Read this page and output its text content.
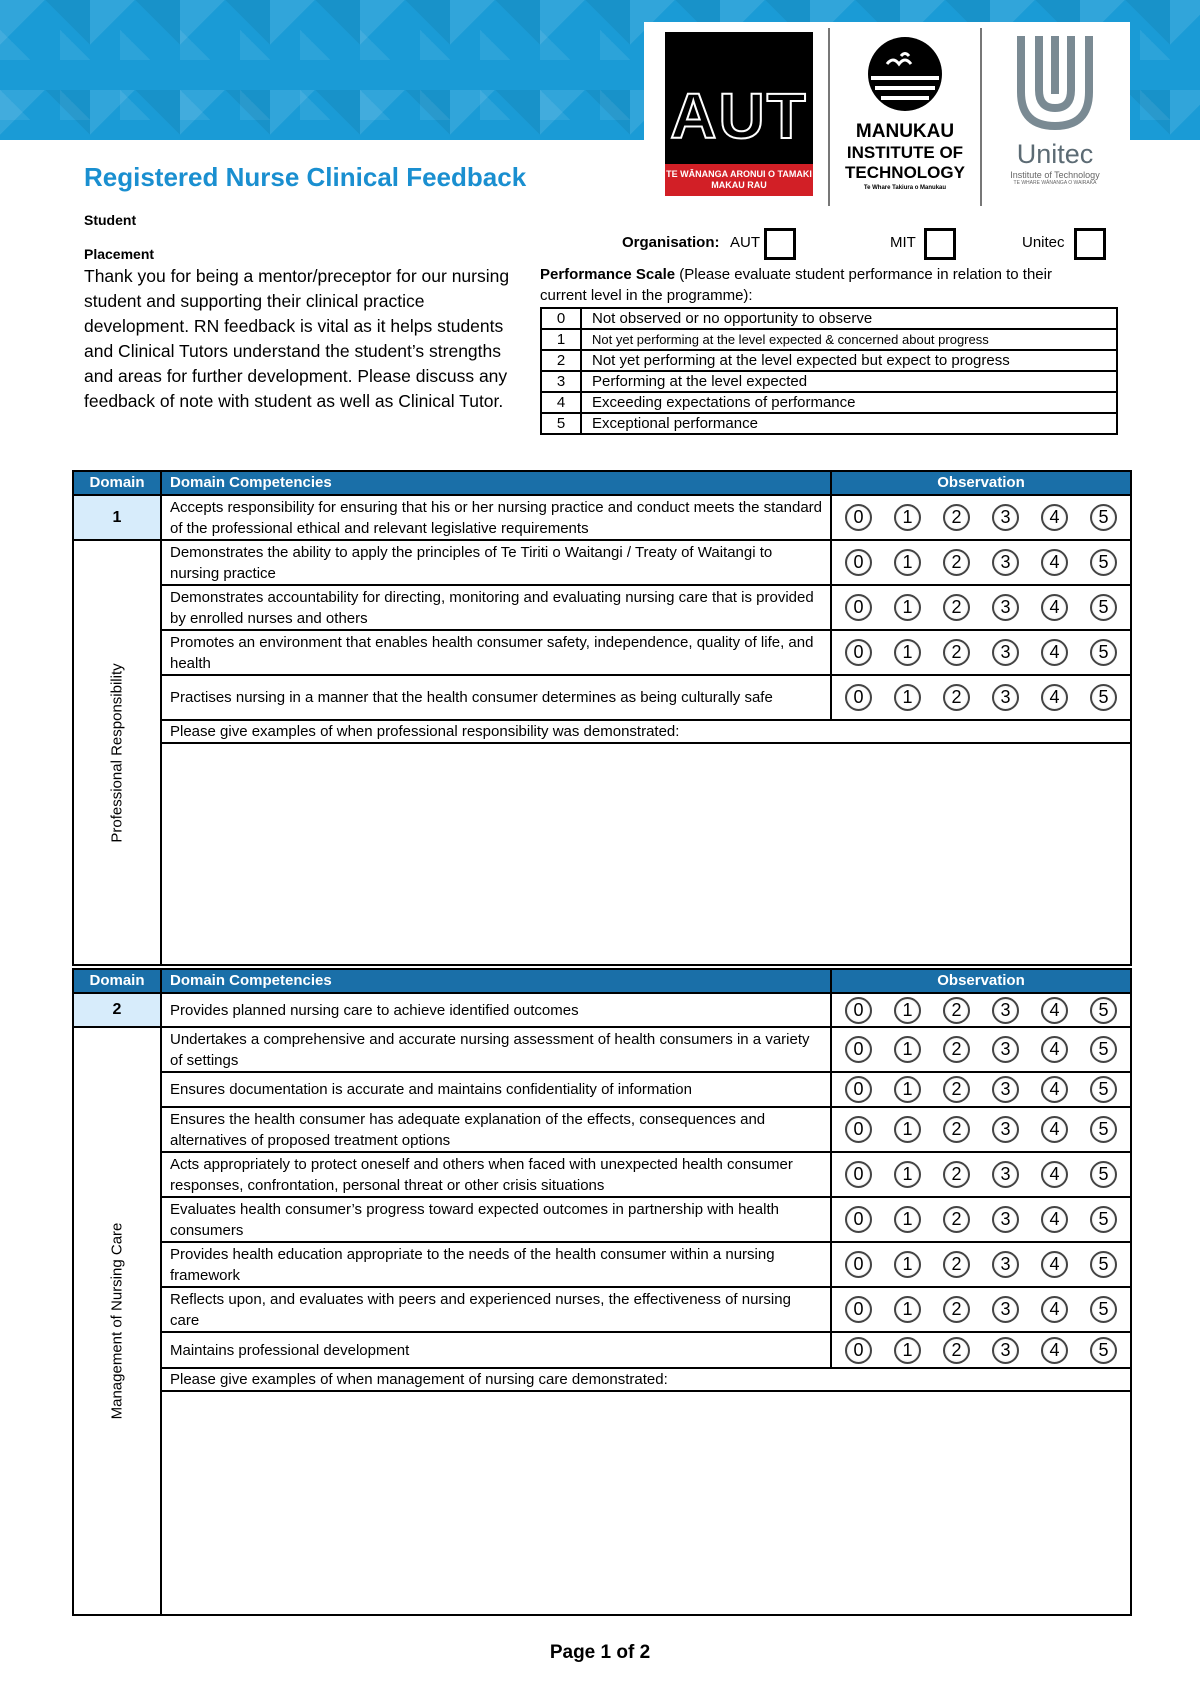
AUT
TE WĀNANGA ARONUI O TAMAKI MAKAU RAU
MANUKAU
INSTITUTE OF
TECHNOLOGY
Te Whare Takiura o Manukau
Unitec
Institute of Technology
TE WHARE WĀNANGA O WAIRAKA
Registered Nurse Clinical Feedback
Student
Placement

Thank you for being a mentor/preceptor for our nursing student and supporting their clinical practice development. RN feedback is vital as it helps students and Clinical Tutors understand the student’s strengths and areas for further development. Please discuss any feedback of note with student as well as Clinical Tutor.

Organisation: AUT	MIT	Unitec

Performance Scale (Please evaluate student performance in relation to their current level in the programme):

0	Not observed or no opportunity to observe
1	Not yet performing at the level expected & concerned about progress
2	Not yet performing at the level expected but expect to progress
3	Performing at the level expected
4	Exceeding expectations of performance
5	Exceptional performance
Domain	Domain Competencies	Observation
1	Accepts responsibility for ensuring that his or her nursing practice and conduct meets the standard of the professional ethical and relevant legislative requirements	0 1 2 3 4 5

Professional Responsibility	Demonstrates the ability to apply the principles of Te Tiriti o Waitangi / Treaty of Waitangi to nursing practice	0 1 2 3 4 5
	Demonstrates accountability for directing, monitoring and evaluating nursing care that is provided by enrolled nurses and others	0 1 2 3 4 5
	Promotes an environment that enables health consumer safety, independence, quality of life, and health	0 1 2 3 4 5
	Practises nursing in a manner that the health consumer determines as being culturally safe	0 1 2 3 4 5
	Please give examples of when professional responsibility was demonstrated:	

Domain	Domain Competencies	Observation
2	Provides planned nursing care to achieve identified outcomes	0 1 2 3 4 5

Management of Nursing Care	Undertakes a comprehensive and accurate nursing assessment of health consumers in a variety of settings	0 1 2 3 4 5
	Ensures documentation is accurate and maintains confidentiality of information	0 1 2 3 4 5
	Ensures the health consumer has adequate explanation of the effects, consequences and alternatives of proposed treatment options	0 1 2 3 4 5
	Acts appropriately to protect oneself and others when faced with unexpected health consumer responses, confrontation, personal threat or other crisis situations	0 1 2 3 4 5
	Evaluates health consumer’s progress toward expected outcomes in partnership with health consumers	0 1 2 3 4 5
	Provides health education appropriate to the needs of the health consumer within a nursing framework	0 1 2 3 4 5
	Reflects upon, and evaluates with peers and experienced nurses, the effectiveness of nursing care	0 1 2 3 4 5
	Maintains professional development	0 1 2 3 4 5
	Please give examples of when management of nursing care demonstrated:	

Page 1 of 2
